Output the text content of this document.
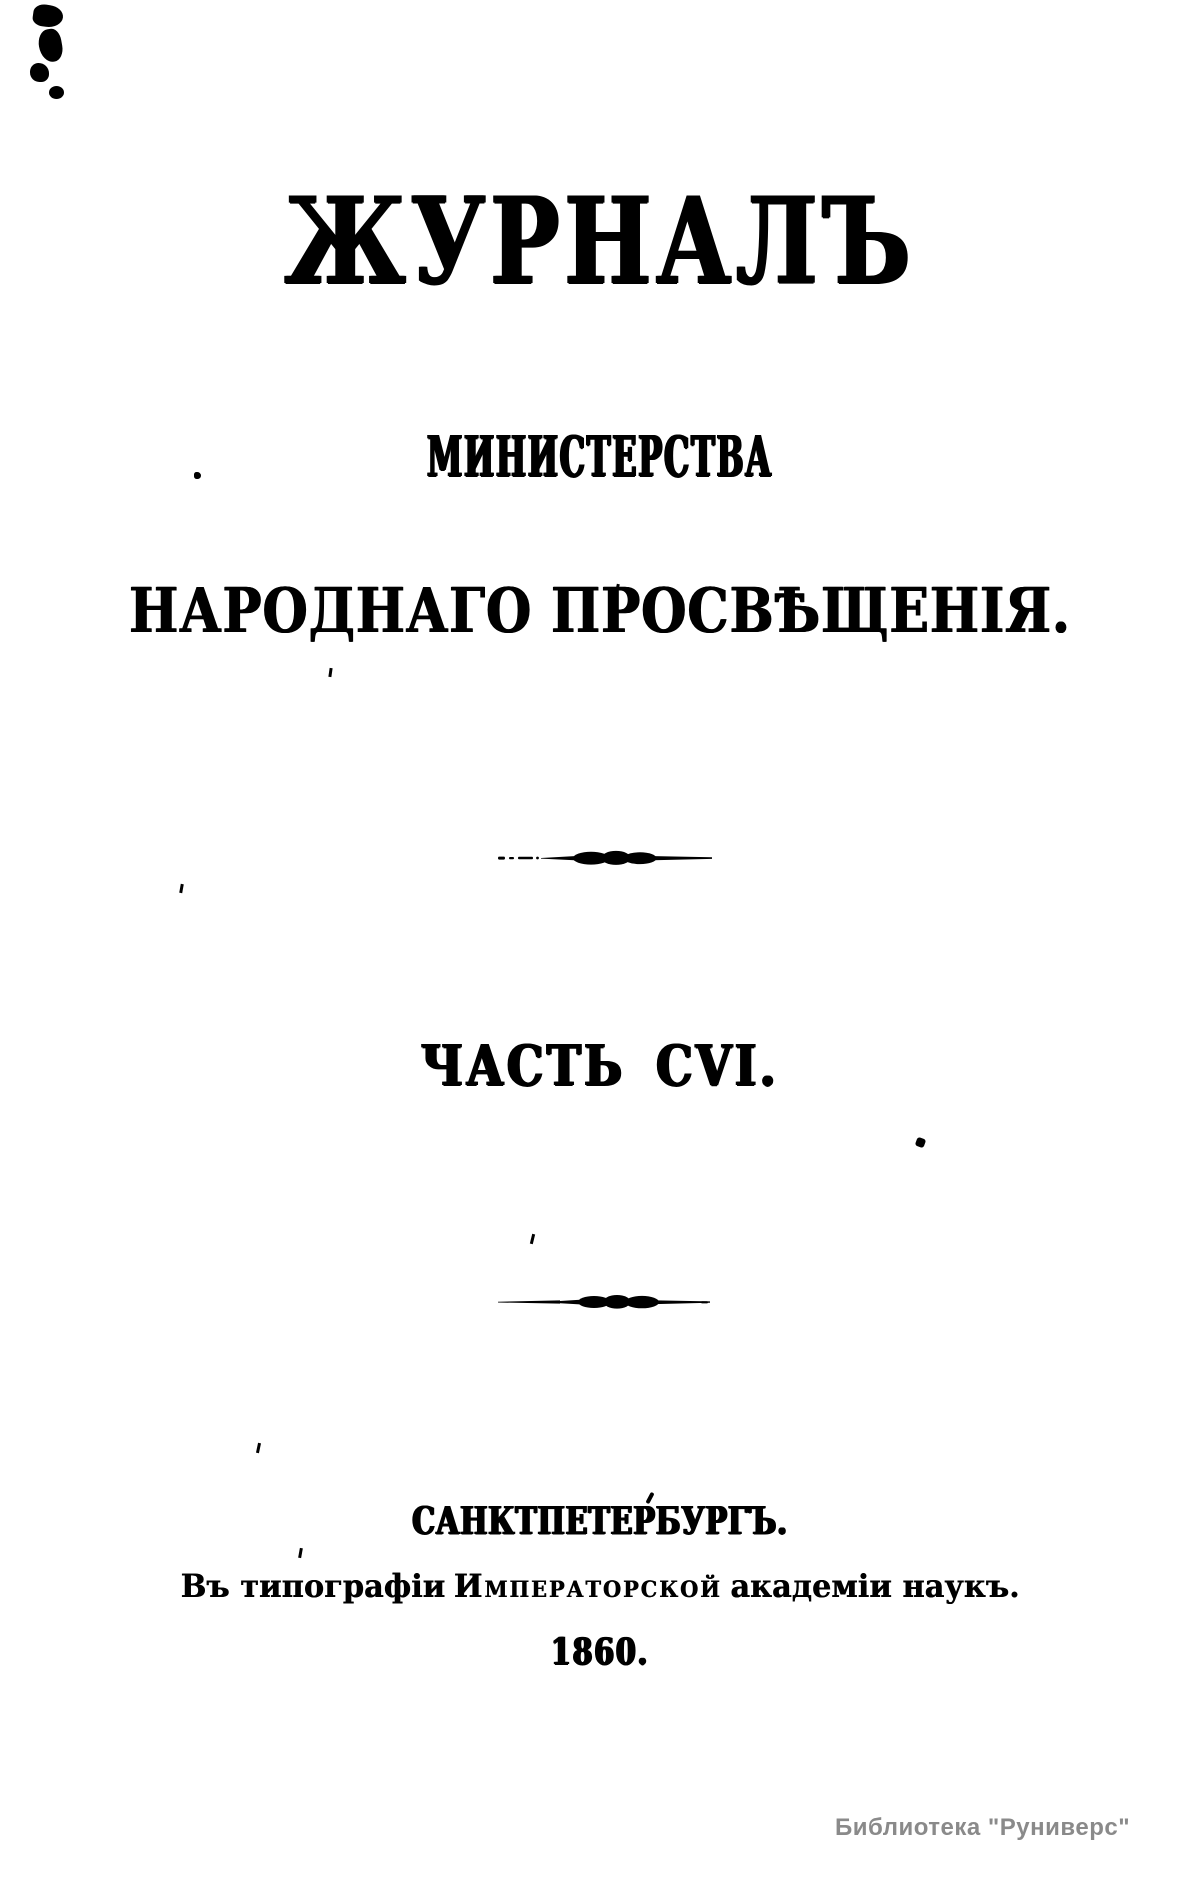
ЖУРНАЛЪ
МИНИСТЕРСТВА
НАРОДНАГО ПРОСВѢЩЕНІЯ.
ЧАСТЬ CVI.
САНКТПЕТЕРБУРГЪ.
Въ типографіи Императорской академіи наукъ.
1860.
Библиотека "Руниверс"
